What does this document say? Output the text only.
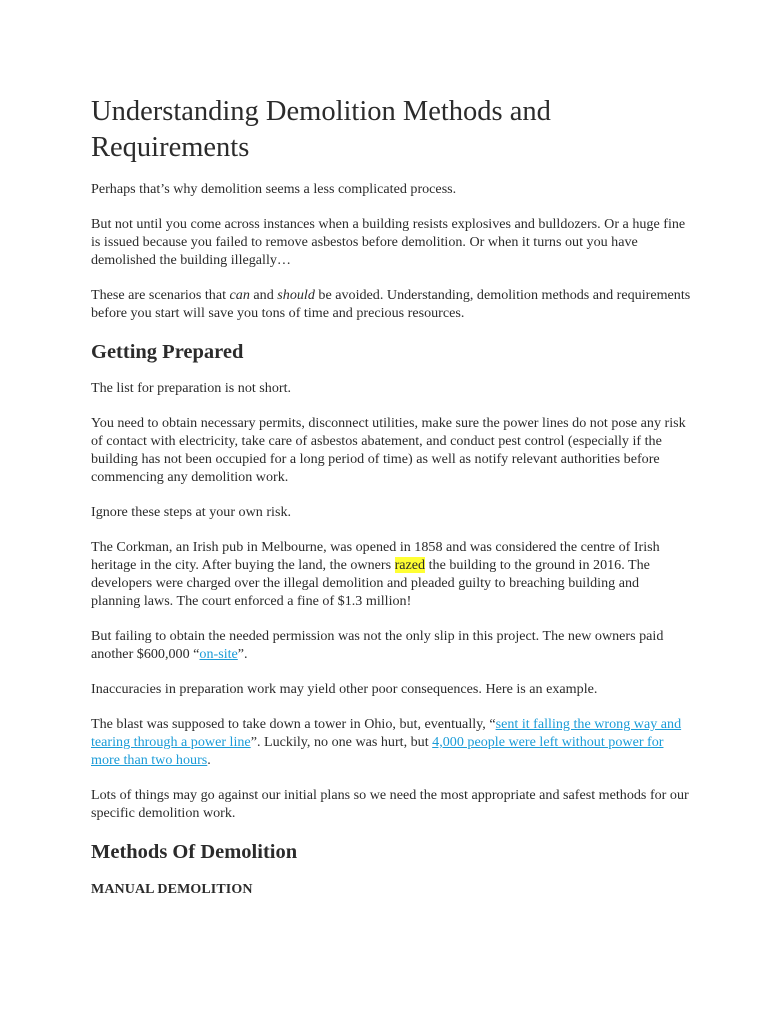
Understanding Demolition Methods and Requirements

Perhaps that’s why demolition seems a less complicated process.

But not until you come across instances when a building resists explosives and bulldozers. Or a huge fine is issued because you failed to remove asbestos before demolition. Or when it turns out you have demolished the building illegally…

These are scenarios that can and should be avoided. Understanding, demolition methods and requirements before you start will save you tons of time and precious resources.

Getting Prepared

The list for preparation is not short.

You need to obtain necessary permits, disconnect utilities, make sure the power lines do not pose any risk of contact with electricity, take care of asbestos abatement, and conduct pest control (especially if the building has not been occupied for a long period of time) as well as notify relevant authorities before commencing any demolition work.

Ignore these steps at your own risk.

The Corkman, an Irish pub in Melbourne, was opened in 1858 and was considered the centre of Irish heritage in the city. After buying the land, the owners razed the building to the ground in 2016. The developers were charged over the illegal demolition and pleaded guilty to breaching building and planning laws. The court enforced a fine of $1.3 million!

But failing to obtain the needed permission was not the only slip in this project. The new owners paid another $600,000 “on-site”.

Inaccuracies in preparation work may yield other poor consequences. Here is an example.

The blast was supposed to take down a tower in Ohio, but, eventually, “sent it falling the wrong way and tearing through a power line”. Luckily, no one was hurt, but 4,000 people were left without power for more than two hours.

Lots of things may go against our initial plans so we need the most appropriate and safest methods for our specific demolition work.

Methods Of Demolition
MANUAL DEMOLITION
